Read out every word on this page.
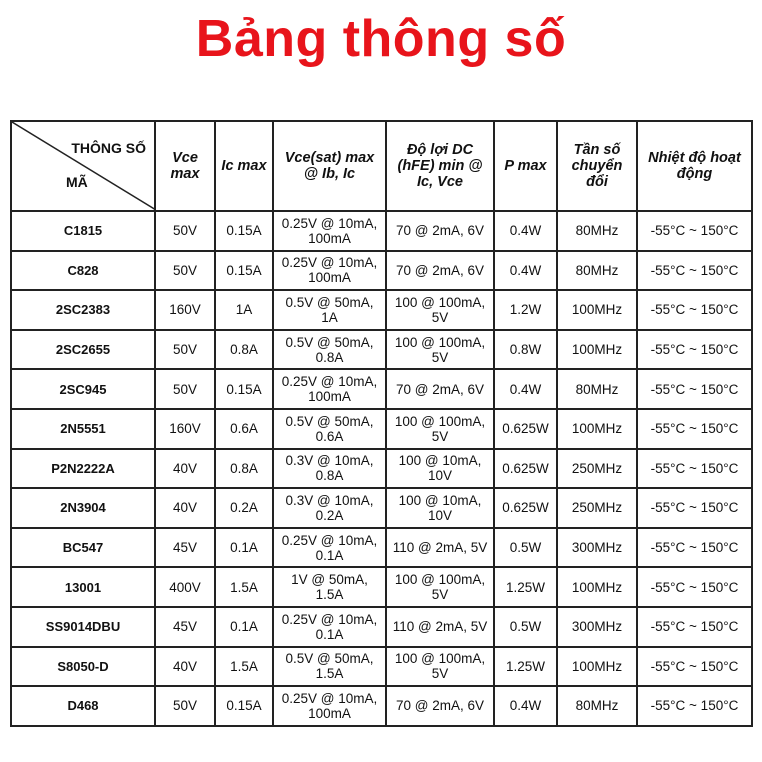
Bảng thông số
THÔNG SỐ
MÃ	Vce max	Ic max	Vce(sat) max @ Ib, Ic	Độ lợi DC (hFE) min @ Ic, Vce	P max	Tần số chuyển đổi	Nhiệt độ hoạt động
C1815	50V	0.15A	0.25V @ 10mA, 100mA	70 @ 2mA, 6V	0.4W	80MHz	-55°C ~ 150°C
C828	50V	0.15A	0.25V @ 10mA, 100mA	70 @ 2mA, 6V	0.4W	80MHz	-55°C ~ 150°C
2SC2383	160V	1A	0.5V @ 50mA, 1A	100 @ 100mA, 5V	1.2W	100MHz	-55°C ~ 150°C
2SC2655	50V	0.8A	0.5V @ 50mA, 0.8A	100 @ 100mA, 5V	0.8W	100MHz	-55°C ~ 150°C
2SC945	50V	0.15A	0.25V @ 10mA, 100mA	70 @ 2mA, 6V	0.4W	80MHz	-55°C ~ 150°C
2N5551	160V	0.6A	0.5V @ 50mA, 0.6A	100 @ 100mA, 5V	0.625W	100MHz	-55°C ~ 150°C
P2N2222A	40V	0.8A	0.3V @ 10mA, 0.8A	100 @ 10mA, 10V	0.625W	250MHz	-55°C ~ 150°C
2N3904	40V	0.2A	0.3V @ 10mA, 0.2A	100 @ 10mA, 10V	0.625W	250MHz	-55°C ~ 150°C
BC547	45V	0.1A	0.25V @ 10mA, 0.1A	110 @ 2mA, 5V	0.5W	300MHz	-55°C ~ 150°C
13001	400V	1.5A	1V @ 50mA, 1.5A	100 @ 100mA, 5V	1.25W	100MHz	-55°C ~ 150°C
SS9014DBU	45V	0.1A	0.25V @ 10mA, 0.1A	110 @ 2mA, 5V	0.5W	300MHz	-55°C ~ 150°C
S8050-D	40V	1.5A	0.5V @ 50mA, 1.5A	100 @ 100mA, 5V	1.25W	100MHz	-55°C ~ 150°C
D468	50V	0.15A	0.25V @ 10mA, 100mA	70 @ 2mA, 6V	0.4W	80MHz	-55°C ~ 150°C
